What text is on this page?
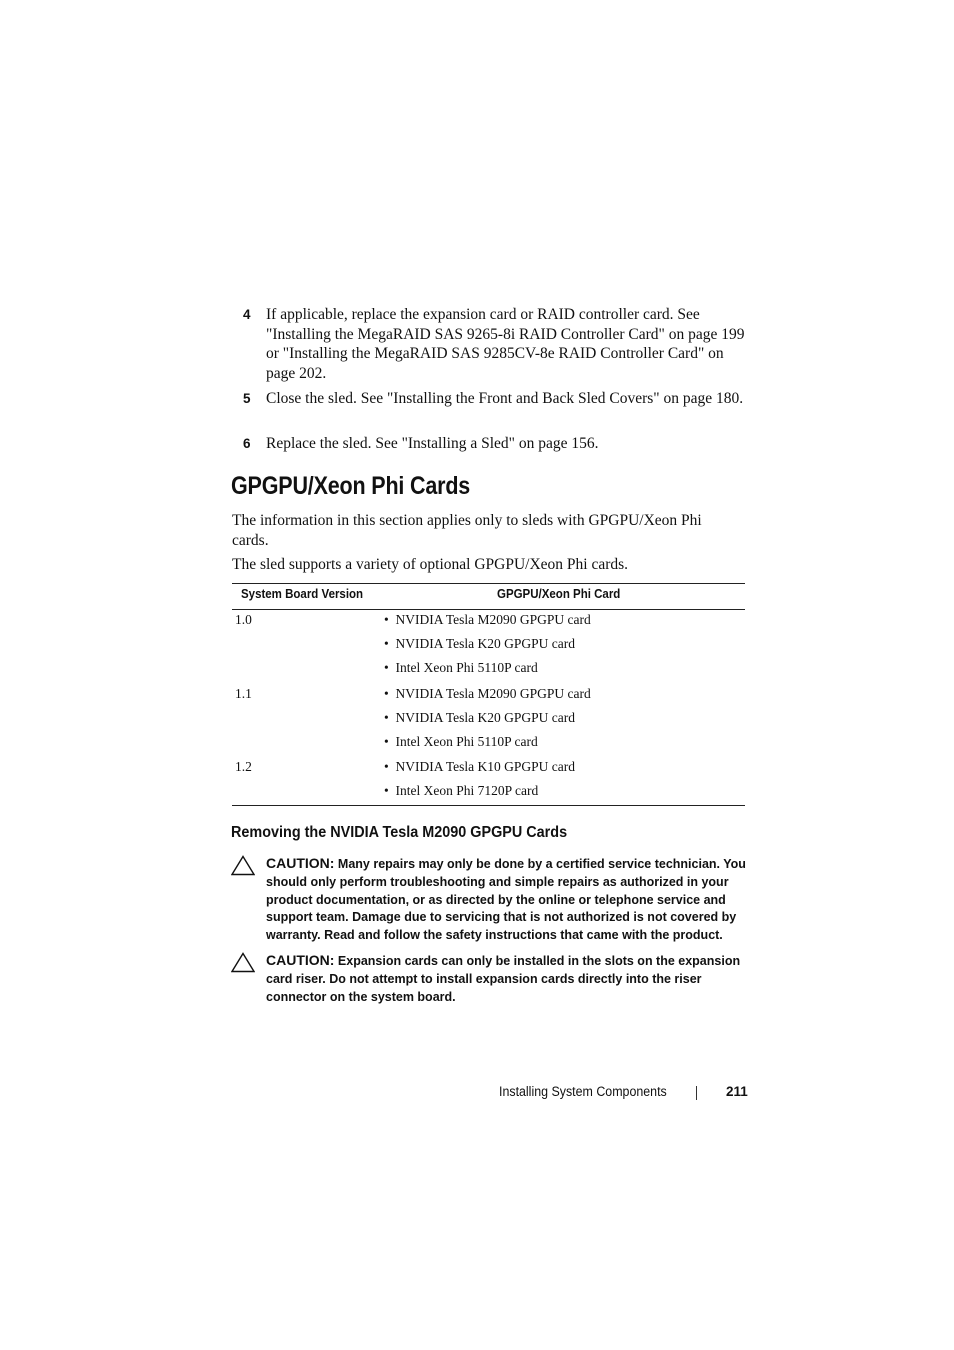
4 If applicable, replace the expansion card or RAID controller card. See "Installing the MegaRAID SAS 9265-8i RAID Controller Card" on page 199 or "Installing the MegaRAID SAS 9285CV-8e RAID Controller Card" on page 202.
5 Close the sled. See "Installing the Front and Back Sled Covers" on page 180.
6 Replace the sled. See "Installing a Sled" on page 156.
GPGPU/Xeon Phi Cards

The information in this section applies only to sleds with GPGPU/Xeon Phi cards.

The sled supports a variety of optional GPGPU/Xeon Phi cards.

System Board Version	GPGPU/Xeon Phi Card
1.0	• NVIDIA Tesla M2090 GPGPU card
• NVIDIA Tesla K20 GPGPU card
• Intel Xeon Phi 5110P card
1.1	• NVIDIA Tesla M2090 GPGPU card
• NVIDIA Tesla K20 GPGPU card
• Intel Xeon Phi 5110P card
1.2	• NVIDIA Tesla K10 GPGPU card
• Intel Xeon Phi 7120P card
Removing the NVIDIA Tesla M2090 GPGPU Cards
CAUTION: Many repairs may only be done by a certified service technician. You should only perform troubleshooting and simple repairs as authorized in your product documentation, or as directed by the online or telephone service and support team. Damage due to servicing that is not authorized is not covered by warranty. Read and follow the safety instructions that came with the product.
CAUTION: Expansion cards can only be installed in the slots on the expansion card riser. Do not attempt to install expansion cards directly into the riser connector on the system board.
Installing System Components	211
